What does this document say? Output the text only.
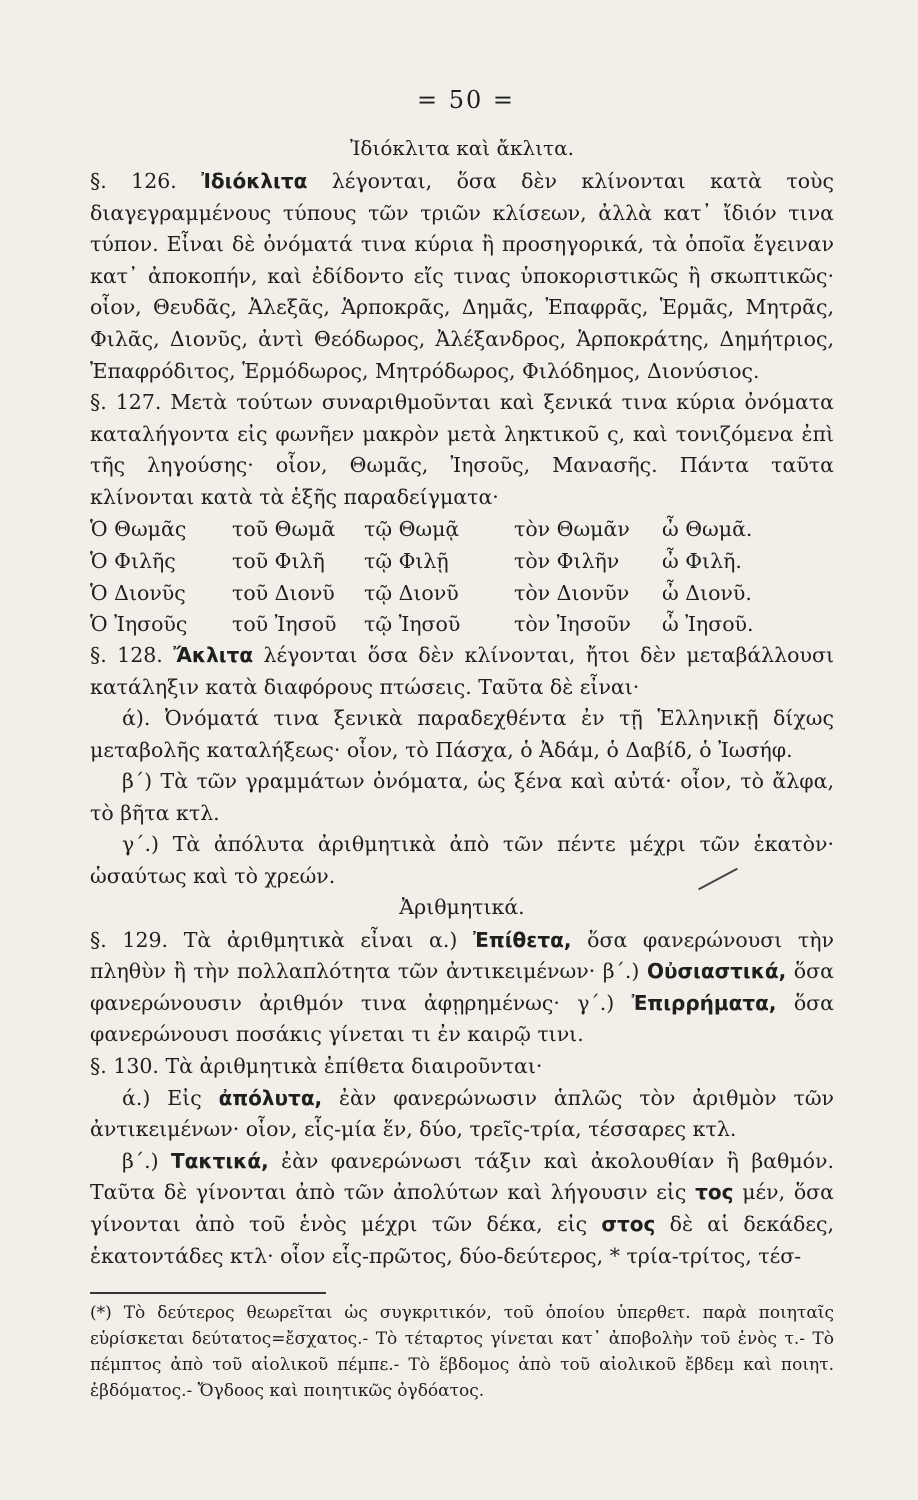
= 50 =
Ἰδιόκλιτα καὶ ἄκλιτα.

§. 126. Ἰδιόκλιτα λέγονται, ὅσα δὲν κλίνονται κατὰ τοὺς διαγεγραμμένους τύπους τῶν τριῶν κλίσεων, ἀλλὰ κατ᾽ ἴδιόν τινα τύπον. Εἶναι δὲ ὀνόματά τινα κύρια ἢ προσηγορικά, τὰ ὁποῖα ἔγειναν κατ᾽ ἀποκοπήν, καὶ ἐδίδοντο εἴς τινας ὑποκοριστικῶς ἢ σκωπτικῶς· οἷον, Θευδᾶς, Ἀλεξᾶς, Ἁρποκρᾶς, Δημᾶς, Ἐπαφρᾶς, Ἑρμᾶς, Μητρᾶς, Φιλᾶς, Διονῦς, ἀντὶ Θεόδωρος, Ἀλέξανδρος, Ἁρποκράτης, Δημήτριος, Ἐπαφρόδιτος, Ἑρμόδωρος, Μητρόδωρος, Φιλόδημος, Διονύσιος.

§. 127. Μετὰ τούτων συναριθμοῦνται καὶ ξενικά τινα κύρια ὀνόματα καταλήγοντα εἰς φωνῆεν μακρὸν μετὰ ληκτικοῦ ς, καὶ τονιζόμενα ἐπὶ τῆς ληγούσης· οἷον, Θωμᾶς, Ἰησοῦς, Μανασῆς. Πάντα ταῦτα κλίνονται κατὰ τὰ ἑξῆς παραδείγματα·

Ὁ Θωμᾶς	τοῦ Θωμᾶ	τῷ Θωμᾷ	τὸν Θωμᾶν	ὦ Θωμᾶ.
Ὁ Φιλῆς	τοῦ Φιλῆ	τῷ Φιλῇ	τὸν Φιλῆν	ὦ Φιλῆ.
Ὁ Διονῦς	τοῦ Διονῦ	τῷ Διονῦ	τὸν Διονῦν	ὦ Διονῦ.
Ὁ Ἰησοῦς	τοῦ Ἰησοῦ	τῷ Ἰησοῦ	τὸν Ἰησοῦν	ὦ Ἰησοῦ.

§. 128. Ἄκλιτα λέγονται ὅσα δὲν κλίνονται, ἤτοι δὲν μεταβάλλουσι κατάληξιν κατὰ διαφόρους πτώσεις. Ταῦτα δὲ εἶναι·

ά). Ὀνόματά τινα ξενικὰ παραδεχθέντα ἐν τῇ Ἑλληνικῇ δίχως μεταβολῆς καταλήξεως· οἷον, τὸ Πάσχα, ὁ Ἀδάμ, ὁ Δαβίδ, ὁ Ἰωσήφ.

β΄) Τὰ τῶν γραμμάτων ὀνόματα, ὡς ξένα καὶ αὐτά· οἷον, τὸ ἄλφα, τὸ βῆτα κτλ.

γ΄.) Τὰ ἀπόλυτα ἀριθμητικὰ ἀπὸ τῶν πέντε μέχρι τῶν ἑκατὸν· ὡσαύτως καὶ τὸ χρεών.

Ἀριθμητικά.

§. 129. Τὰ ἀριθμητικὰ εἶναι α.) Ἐπίθετα, ὅσα φανερώνουσι τὴν πληθὺν ἢ τὴν πολλαπλότητα τῶν ἀντικειμένων· β΄.) Οὐσιαστικά, ὅσα φανερώνουσιν ἀριθμόν τινα ἀφῃρημένως· γ΄.) Ἐπιρρήματα, ὅσα φανερώνουσι ποσάκις γίνεται τι ἐν καιρῷ τινι.

§. 130. Τὰ ἀριθμητικὰ ἐπίθετα διαιροῦνται·

ά.) Εἰς ἀπόλυτα, ἐὰν φανερώνωσιν ἁπλῶς τὸν ἀριθμὸν τῶν ἀντικειμένων· οἷον, εἷς-μία ἕν, δύο, τρεῖς-τρία, τέσσαρες κτλ.

β΄.) Τακτικά, ἐὰν φανερώνωσι τάξιν καὶ ἀκολουθίαν ἢ βαθμόν. Ταῦτα δὲ γίνονται ἀπὸ τῶν ἀπολύτων καὶ λήγουσιν εἰς τος μέν, ὅσα γίνονται ἀπὸ τοῦ ἑνὸς μέχρι τῶν δέκα, εἰς στος δὲ αἱ δεκάδες, ἑκατοντάδες κτλ· οἷον εἷς-πρῶτος, δύο-δεύτερος, * τρία-τρίτος, τέσ-

(*) Τὸ δεύτερος θεωρεῖται ὡς συγκριτικόν, τοῦ ὁποίου ὑπερθετ. παρὰ ποιηταῖς εὑρίσκεται δεύτατος=ἔσχατος.- Τὸ τέταρτος γίνεται κατ᾽ ἀποβολὴν τοῦ ἑνὸς τ.- Τὸ πέμπτος ἀπὸ τοῦ αἰολικοῦ πέμπε.- Τὸ ἕβδομος ἀπὸ τοῦ αἰολικοῦ ἔβδεμ καὶ ποιητ. ἑβδόματος.- Ὄγδοος καὶ ποιητικῶς ὀγδόατος.
